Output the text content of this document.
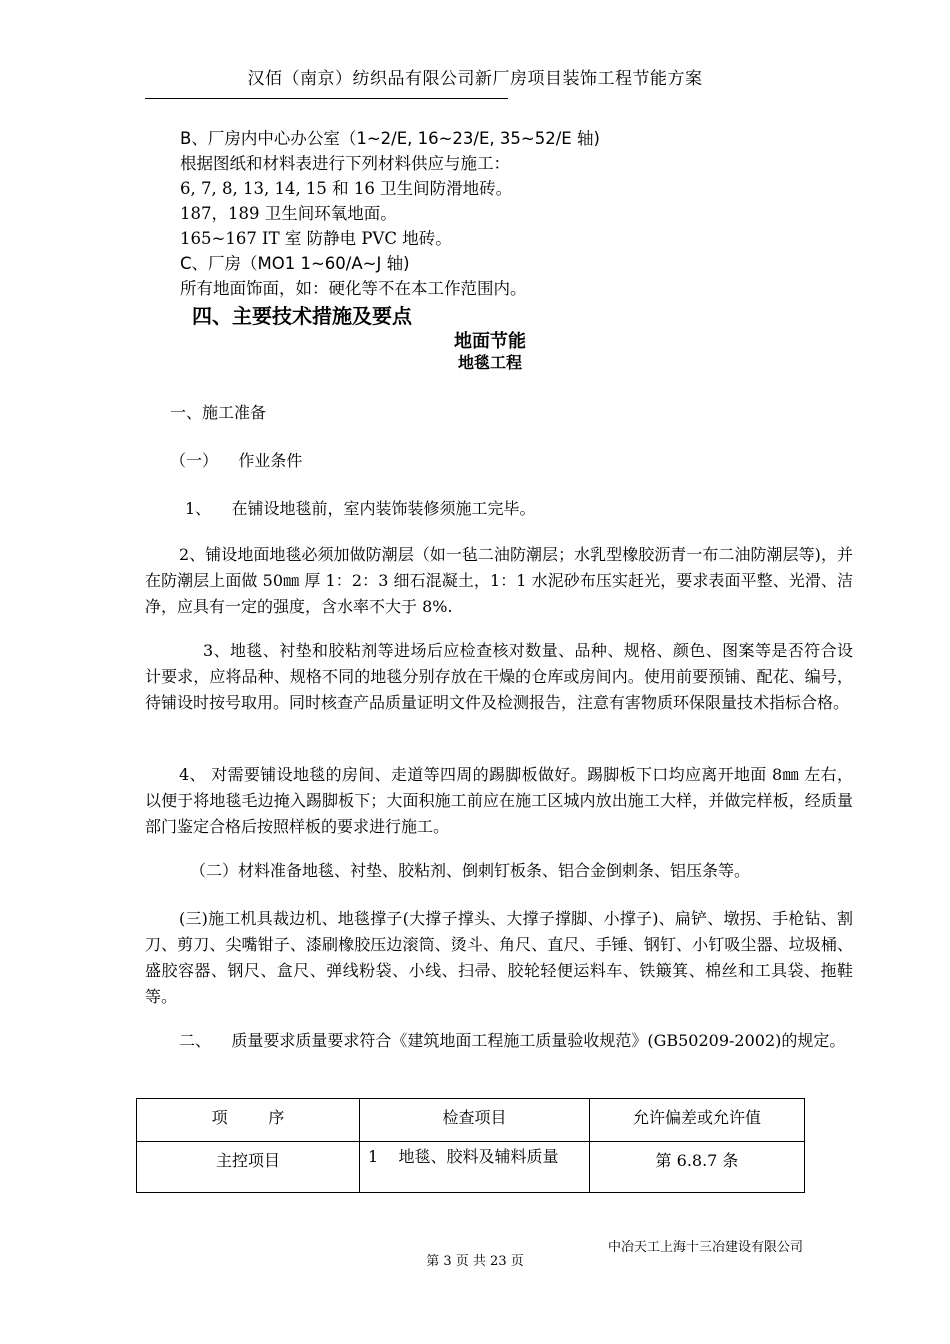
汉佰（南京）纺织品有限公司新厂房项目装饰工程节能方案
B、厂房内中心办公室（1~2/E, 16~23/E, 35~52/E 轴)
根据图纸和材料表进行下列材料供应与施工：
6, 7, 8, 13, 14, 15 和 16 卫生间防滑地砖。
187，189 卫生间环氧地面。
165~167 IT 室 防静电 PVC 地砖。
C、厂房（MO1 1~60/A~J 轴)
所有地面饰面，如：硬化等不在本工作范围内。
四、主要技术措施及要点
地面节能
地毯工程
一、施工准备
（一）    作业条件
1、    在铺设地毯前，室内装饰装修须施工完毕。
2、铺设地面地毯必须加做防潮层（如一毡二油防潮层；水乳型橡胶沥青一布二油防潮层等)，并在防潮层上面做 50㎜ 厚 1：2：3 细石混凝土，1：1 水泥砂布压实赶光，要求表面平整、光滑、洁净，应具有一定的强度，含水率不大于 8%.
3、地毯、衬垫和胶粘剂等进场后应检查核对数量、品种、规格、颜色、图案等是否符合设计要求，应将品种、规格不同的地毯分别存放在干燥的仓库或房间内。使用前要预铺、配花、编号，待铺设时按号取用。同时核查产品质量证明文件及检测报告，注意有害物质环保限量技术指标合格。
4、 对需要铺设地毯的房间、走道等四周的踢脚板做好。踢脚板下口均应离开地面 8㎜ 左右，以便于将地毯毛边掩入踢脚板下；大面积施工前应在施工区城内放出施工大样，并做完样板，经质量部门鉴定合格后按照样板的要求进行施工。
（二）材料准备地毯、衬垫、胶粘剂、倒刺钉板条、铝合金倒刺条、铝压条等。
(三)施工机具裁边机、地毯撑子(大撑子撑头、大撑子撑脚、小撑子)、扁铲、墩拐、手枪钻、割刀、剪刀、尖嘴钳子、漆刷橡胶压边滚筒、烫斗、角尺、直尺、手锤、钢钉、小钉吸尘器、垃圾桶、盛胶容器、钢尺、盒尺、弹线粉袋、小线、扫帚、胶轮轻便运料车、铁簸箕、棉丝和工具袋、拖鞋等。
二、    质量要求质量要求符合《建筑地面工程施工质量验收规范》(GB50209-2002)的规定。
项        序	检查项目	允许偏差或允许值
主控项目	1    地毯、胶料及辅料质量	第 6.8.7 条
中冶天工上海十三冶建设有限公司
第 3 页 共 23 页
